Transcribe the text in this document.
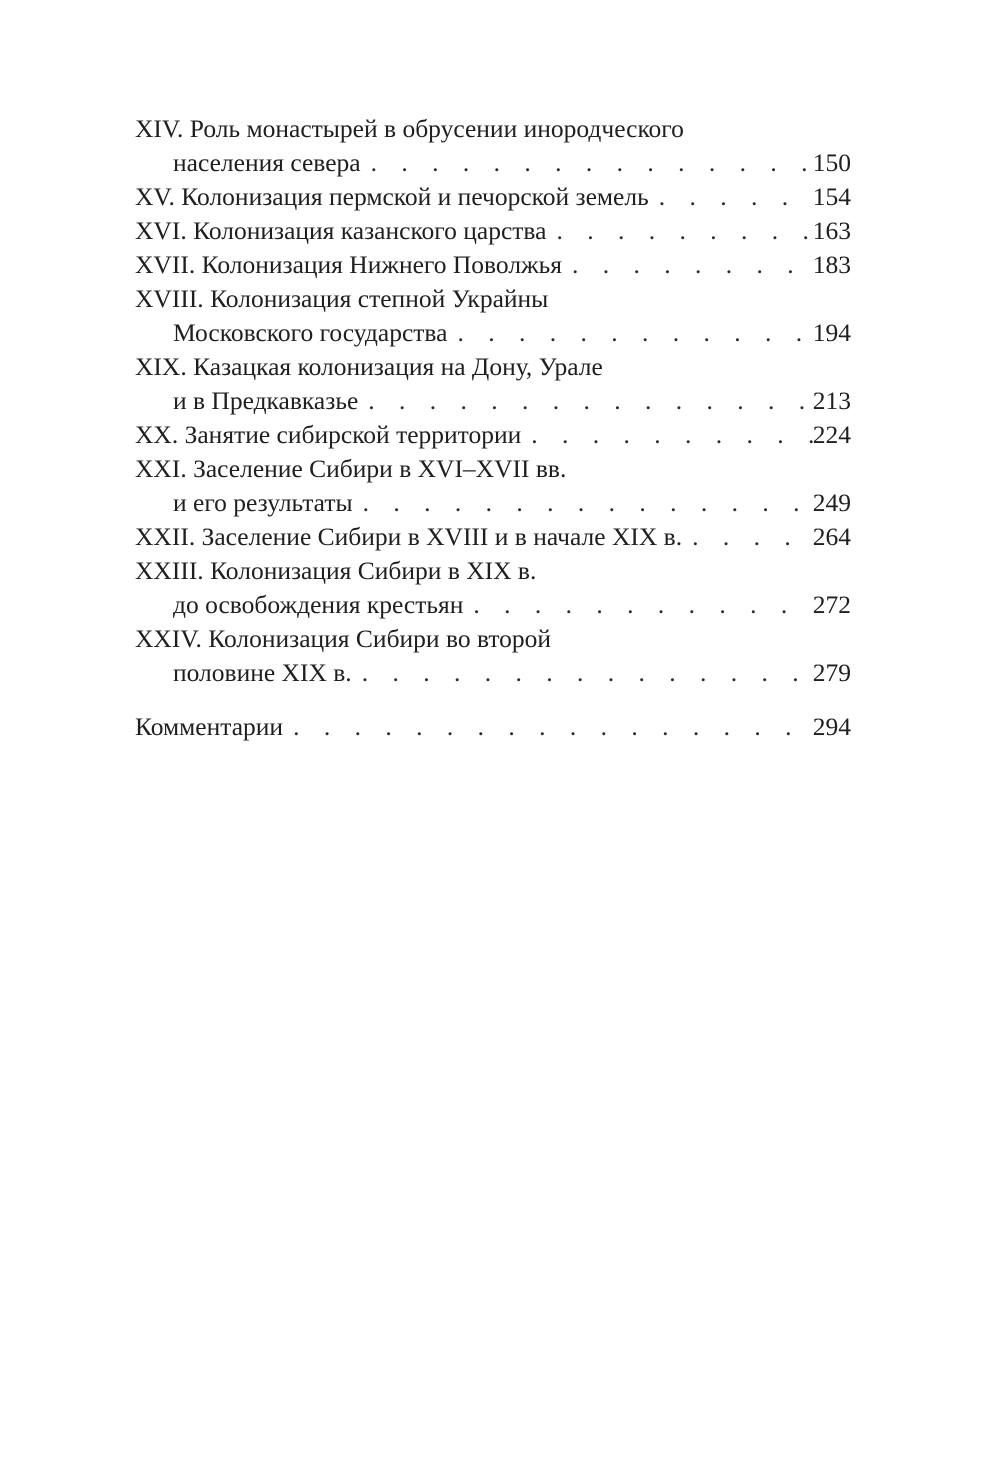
XIV.
Роль монастырей в обрусении инородческого
населения севера . . .	150
XV.
Колонизация пермской и печорской земель . . .	154
XVI.
Колонизация казанского царства . . .	163
XVII.
Колонизация Нижнего Поволжья . . .	183
XVIII.
Колонизация степной Украйны
Московского государства . . .	194
XIX.
Казацкая колонизация на Дону, Урале
и в Предкавказье . . .	213
XX.
Занятие сибирской территории . . .	224
XXI.
Заселение Сибири в XVI–XVII вв.
и его результаты . . .	249
XXII.
Заселение Сибири в XVIII и в начале XIX в. . . .	264
XXIII.
Колонизация Сибири в XIX в.
до освобождения крестьян . . .	272
XXIV.
Колонизация Сибири во второй
половине XIX в. . . .	279
Комментарии . . .	294
